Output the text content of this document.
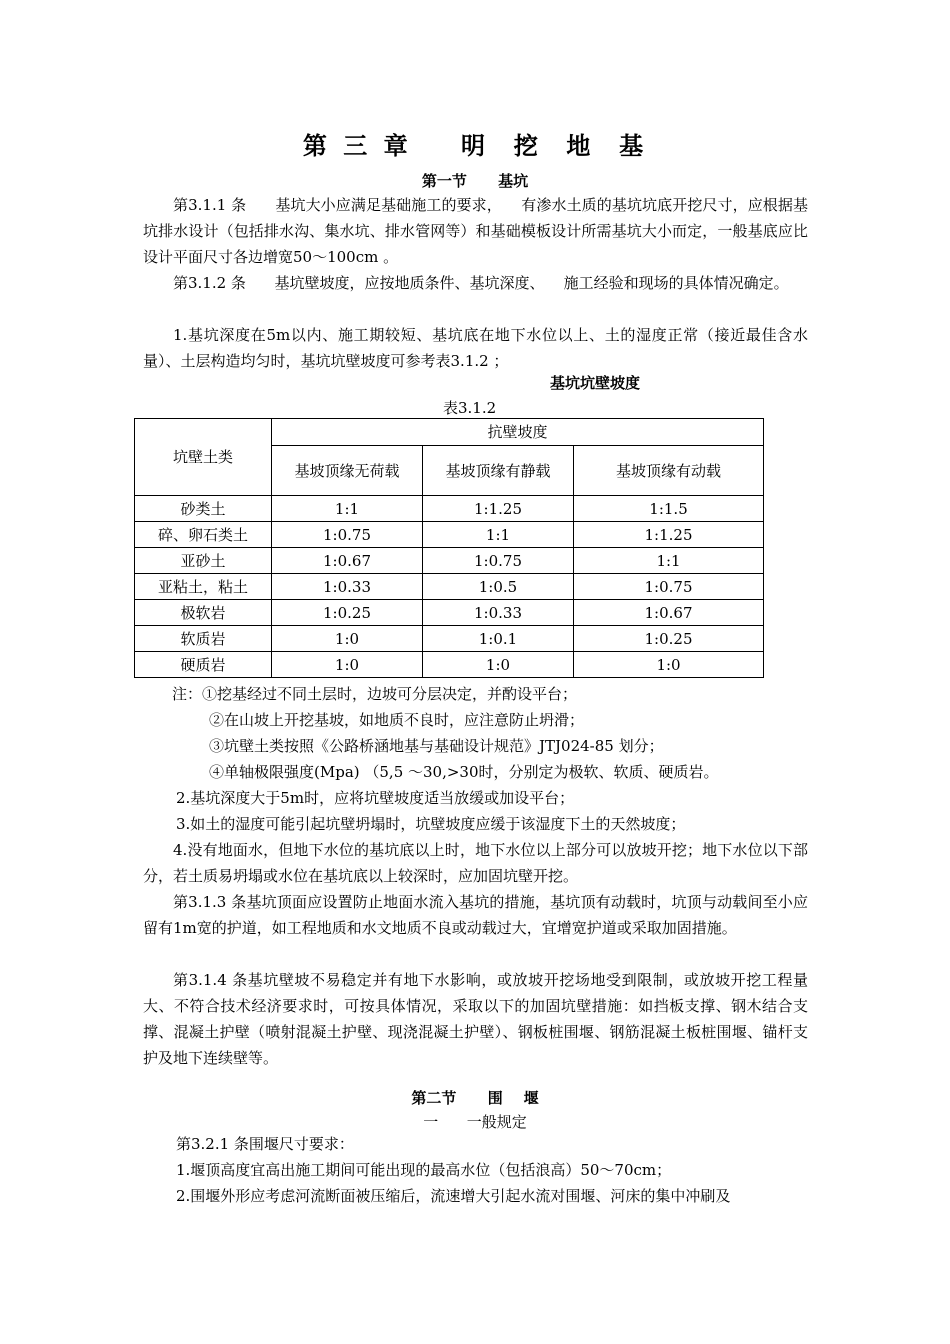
第 三 章    明  挖  地  基
第一节      基坑
第3.1.1 条      基坑大小应满足基础施工的要求，    有渗水土质的基坑坑底开挖尺寸，应根据基坑排水设计（包括排水沟、集水坑、排水管网等）和基础模板设计所需基坑大小而定，一般基底应比设计平面尺寸各边增宽50～100cm 。
第3.1.2 条      基坑壁坡度，应按地质条件、基坑深度、    施工经验和现场的具体情况确定。
1.基坑深度在5m以内、施工期较短、基坑底在地下水位以上、土的湿度正常（接近最佳含水量）、土层构造均匀时，基坑坑壁坡度可参考表3.1.2 ；
基坑坑壁坡度
表3.1.2
坑壁土类	抗壁坡度		
	基坡顶缘无荷载	基坡顶缘有静载	基坡顶缘有动载
砂类土	1:1	1:1.25	1:1.5
碎、卵石类土	1:0.75	1:1	1:1.25
亚砂土	1:0.67	1:0.75	1:1
亚粘土，粘土	1:0.33	1:0.5	1:0.75
极软岩	1:0.25	1:0.33	1:0.67
软质岩	1:0	1:0.1	1:0.25
硬质岩	1:0	1:0	1:0
注：①挖基经过不同土层时，边坡可分层决定，并酌设平台；
②在山坡上开挖基坡，如地质不良时，应注意防止坍滑；
③坑壁土类按照《公路桥涵地基与基础设计规范》JTJ024-85 划分；
④单轴极限强度(Mpa) （5,5 ～30,>30时，分别定为极软、软质、硬质岩。
2.基坑深度大于5m时，应将坑壁坡度适当放缓或加设平台；
3.如土的湿度可能引起坑壁坍塌时，坑壁坡度应缓于该湿度下土的天然坡度；
4.没有地面水，但地下水位的基坑底以上时，地下水位以上部分可以放坡开挖；地下水位以下部分，若土质易坍塌或水位在基坑底以上较深时，应加固坑壁开挖。
第3.1.3 条基坑顶面应设置防止地面水流入基坑的措施，基坑顶有动载时，坑顶与动载间至小应留有1m宽的护道，如工程地质和水文地质不良或动载过大，宜增宽护道或采取加固措施。
第3.1.4 条基坑壁坡不易稳定并有地下水影响，或放坡开挖场地受到限制，或放坡开挖工程量大、不符合技术经济要求时，可按具体情况，采取以下的加固坑壁措施：如挡板支撑、钢木结合支撑、混凝土护壁（喷射混凝土护壁、现浇混凝土护壁）、钢板桩围堰、钢筋混凝土板桩围堰、锚杆支护及地下连续壁等。
第二节      围    堰
一      一般规定
第3.2.1 条围堰尺寸要求：
1.堰顶高度宜高出施工期间可能出现的最高水位（包括浪高）50～70cm；
2.围堰外形应考虑河流断面被压缩后，流速增大引起水流对围堰、河床的集中冲刷及
